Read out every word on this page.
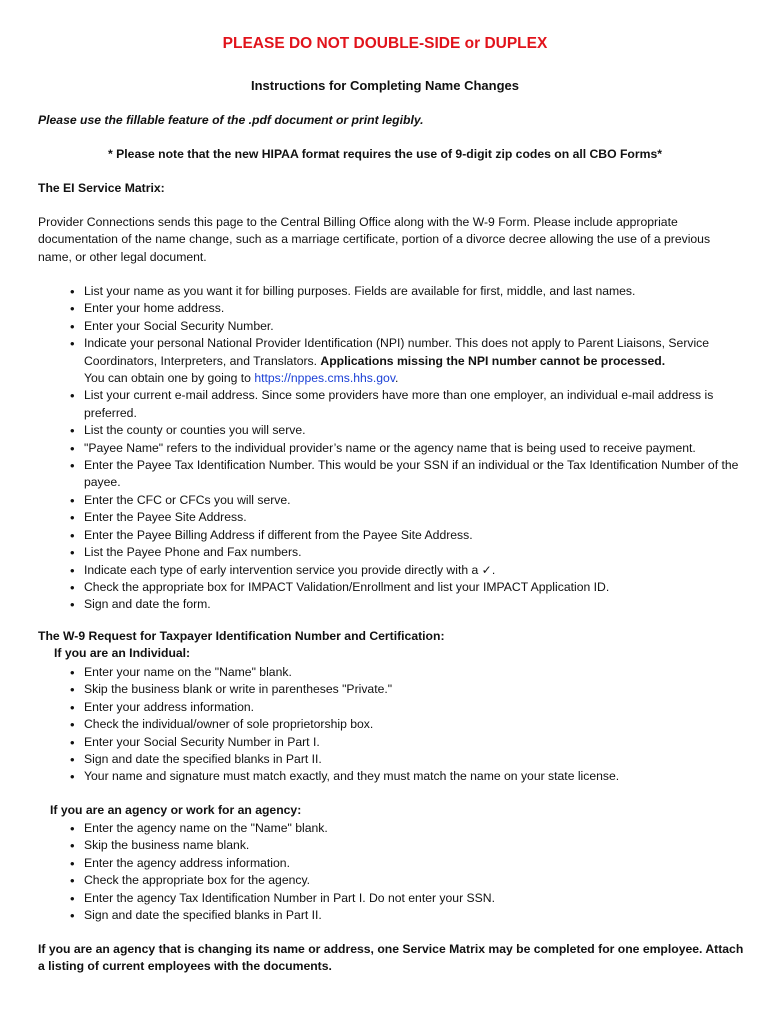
PLEASE DO NOT DOUBLE-SIDE or DUPLEX
Instructions for Completing Name Changes
Please use the fillable feature of the .pdf document or print legibly.
* Please note that the new HIPAA format requires the use of 9-digit zip codes on all CBO Forms*
The EI Service Matrix:
Provider Connections sends this page to the Central Billing Office along with the W-9 Form. Please include appropriate documentation of the name change, such as a marriage certificate, portion of a divorce decree allowing the use of a previous name, or other legal document.
• List your name as you want it for billing purposes. Fields are available for first, middle, and last names.
• Enter your home address.
• Enter your Social Security Number.
• Indicate your personal National Provider Identification (NPI) number. This does not apply to Parent Liaisons, Service Coordinators, Interpreters, and Translators. Applications missing the NPI number cannot be processed.
You can obtain one by going to https://nppes.cms.hhs.gov.
• List your current e-mail address. Since some providers have more than one employer, an individual e-mail address is preferred.
• List the county or counties you will serve.
• "Payee Name" refers to the individual provider’s name or the agency name that is being used to receive payment.
• Enter the Payee Tax Identification Number. This would be your SSN if an individual or the Tax Identification Number of the payee.
• Enter the CFC or CFCs you will serve.
• Enter the Payee Site Address.
• Enter the Payee Billing Address if different from the Payee Site Address.
• List the Payee Phone and Fax numbers.
• Indicate each type of early intervention service you provide directly with a ✓.
• Check the appropriate box for IMPACT Validation/Enrollment and list your IMPACT Application ID.
• Sign and date the form.
The W-9 Request for Taxpayer Identification Number and Certification:
If you are an Individual:
• Enter your name on the "Name" blank.
• Skip the business blank or write in parentheses "Private."
• Enter your address information.
• Check the individual/owner of sole proprietorship box.
• Enter your Social Security Number in Part I.
• Sign and date the specified blanks in Part II.
• Your name and signature must match exactly, and they must match the name on your state license.
If you are an agency or work for an agency:
• Enter the agency name on the "Name" blank.
• Skip the business name blank.
• Enter the agency address information.
• Check the appropriate box for the agency.
• Enter the agency Tax Identification Number in Part I. Do not enter your SSN.
• Sign and date the specified blanks in Part II.
If you are an agency that is changing its name or address, one Service Matrix may be completed for one employee. Attach a listing of current employees with the documents.
